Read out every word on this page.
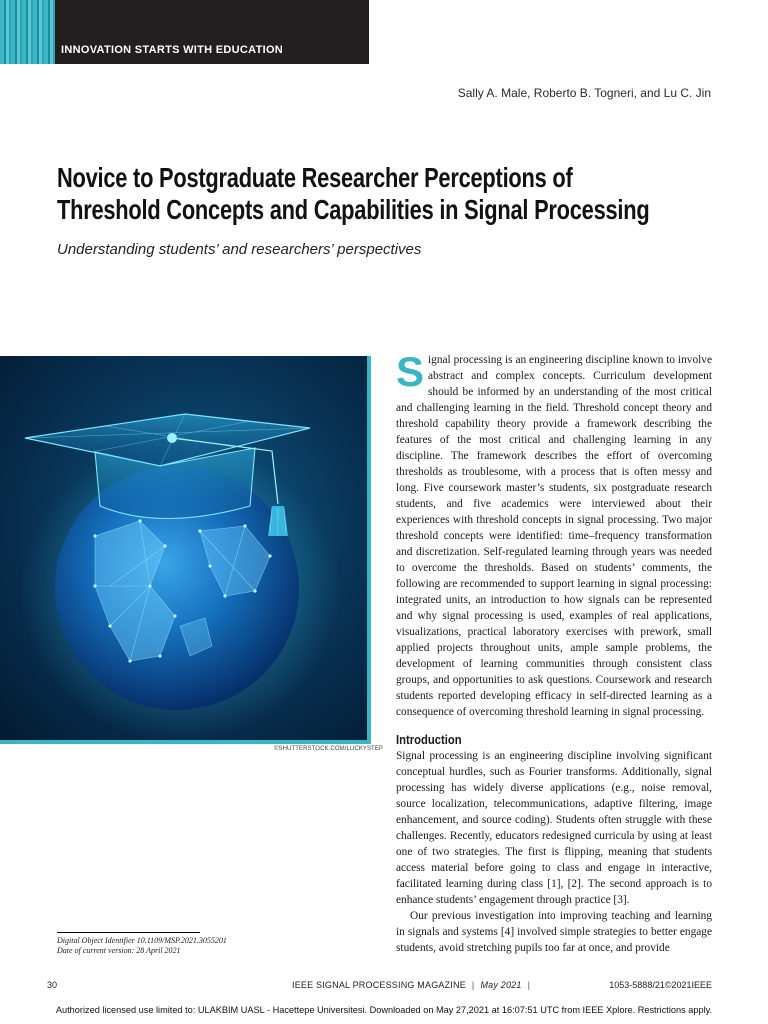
INNOVATION STARTS WITH EDUCATION
Sally A. Male, Roberto B. Togneri, and Lu C. Jin
Novice to Postgraduate Researcher Perceptions of
Threshold Concepts and Capabilities in Signal Processing
Understanding students’ and researchers’ perspectives
©SHUTTERSTOCK.COM/LUCKYSTEP
S ignal processing is an engineering discipline known to involve abstract and complex concepts. Curriculum development should be informed by an understanding of the most critical and challenging learning in the field. Threshold concept theory and threshold capability theory provide a framework describing the features of the most critical and challenging learning in any discipline. The framework describes the effort of overcoming thresholds as troublesome, with a process that is often messy and long. Five coursework master’s students, six postgraduate research students, and five academics were interviewed about their experiences with threshold concepts in signal processing. Two major threshold concepts were identified: time–frequency transformation and discretization. Self-regulated learning through years was needed to overcome the thresholds. Based on students’ comments, the following are recommended to support learning in signal processing: integrated units, an introduction to how signals can be represented and why signal processing is used, examples of real applications, visualizations, practical laboratory exercises with prework, small applied projects throughout units, ample sample problems, the development of learning communities through consistent class groups, and opportunities to ask questions. Coursework and research students reported developing efficacy in self-directed learning as a consequence of overcoming threshold learning in signal processing.
Introduction

Signal processing is an engineering discipline involving significant conceptual hurdles, such as Fourier transforms. Additionally, signal processing has widely diverse applications (e.g., noise removal, source localization, telecommunications, adaptive filtering, image enhancement, and source coding). Students often struggle with these challenges. Recently, educators redesigned curricula by using at least one of two strategies. The first is flipping, meaning that students access material before going to class and engage in interactive, facilitated learning during class [1], [2]. The second approach is to enhance students’ engagement through practice [3].

Our previous investigation into improving teaching and learning in signals and systems [4] involved simple strategies to better engage students, avoid stretching pupils too far at once, and provide

Digital Object Identifier 10.1109/MSP.2021.3055201
Date of current version: 28 April 2021
30	IEEE SIGNAL PROCESSING MAGAZINE | May 2021 |	1053-5888/21©2021IEEE
Authorized licensed use limited to: ULAKBIM UASL - Hacettepe Universitesi. Downloaded on May 27,2021 at 16:07:51 UTC from IEEE Xplore. Restrictions apply.
